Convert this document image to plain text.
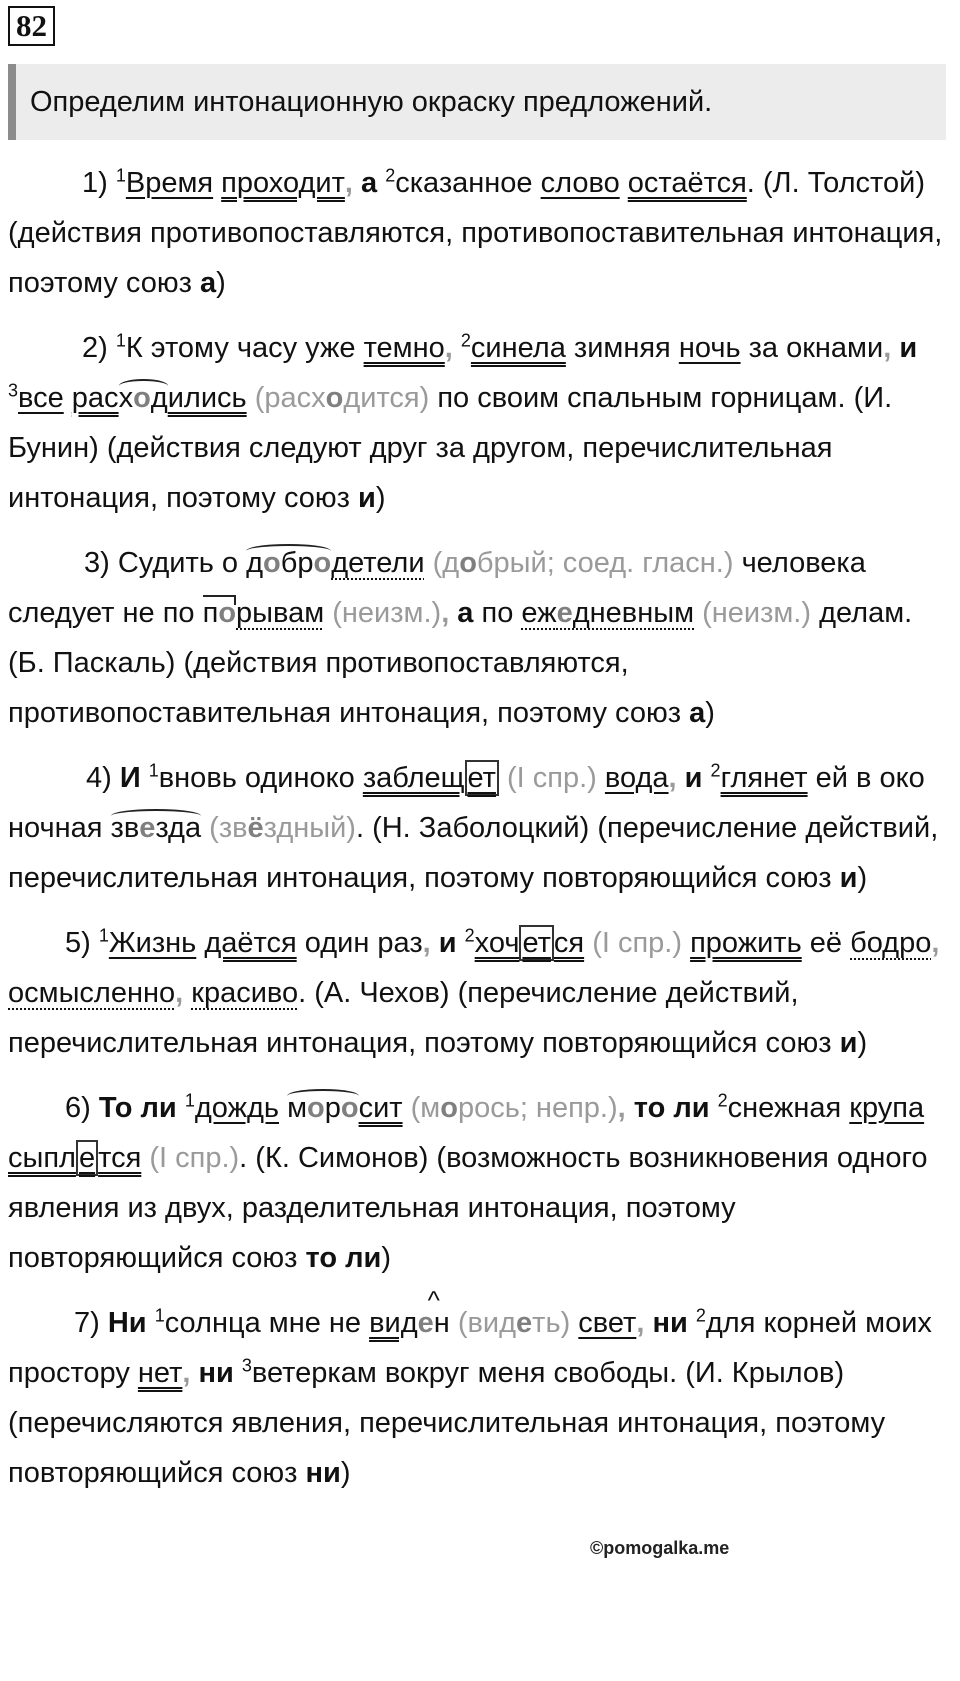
82
Определим интонационную окраску предложений.

1) $^1$Время проходит, а $^2$сказанное слово остаётся. (Л. Толстой) (действия противопоставляются, противопоставительная интонация, поэтому союз а)

2) $^1$К этому часу уже темно, $^2$синела зимняя ночь за окнами, и $^3$все расходились (расходится) по своим спальным горницам. (И. Бунин) (действия следуют друг за другом, перечислительная интонация, поэтому союз и)

3) Судить о добродетели (добрый; соед. гласн.) человека следует не по порывам (неизм.), а по ежедневным (неизм.) делам. (Б. Паскаль) (действия противопоставляются, противопоставительная интонация, поэтому союз а)

4) И $^1$вновь одиноко заблещ ет (I спр.) вода, и $^2$глянет ей в око ночная звезда (звёздный). (Н. Заболоцкий) (перечисление действий, перечислительная интонация, поэтому повторяющийся союз и)

5) $^1$Жизнь даётся один раз, и $^2$хоч ет ся (I спр.) прожить её бодро, осмысленно, красиво. (А. Чехов) (перечисление действий, перечислительная интонация, поэтому повторяющийся союз и)

6) То ли $^1$дождь моросит (морось; непр.), то ли $^2$снежная крупа сыпл е тся (I спр.). (К. Симонов) (возможность возникновения одного явления из двух, разделительная интонация, поэтому повторяющийся союз то ли)

7) Ни $^1$солнца мне не вид^ ен (видеть) свет, ни $^2$для корней моих простору нет, ни $^3$ветеркам вокруг меня свободы. (И. Крылов) (перечисляются явления, перечислительная интонация, поэтому повторяющийся союз ни)

©pomogalka.me
